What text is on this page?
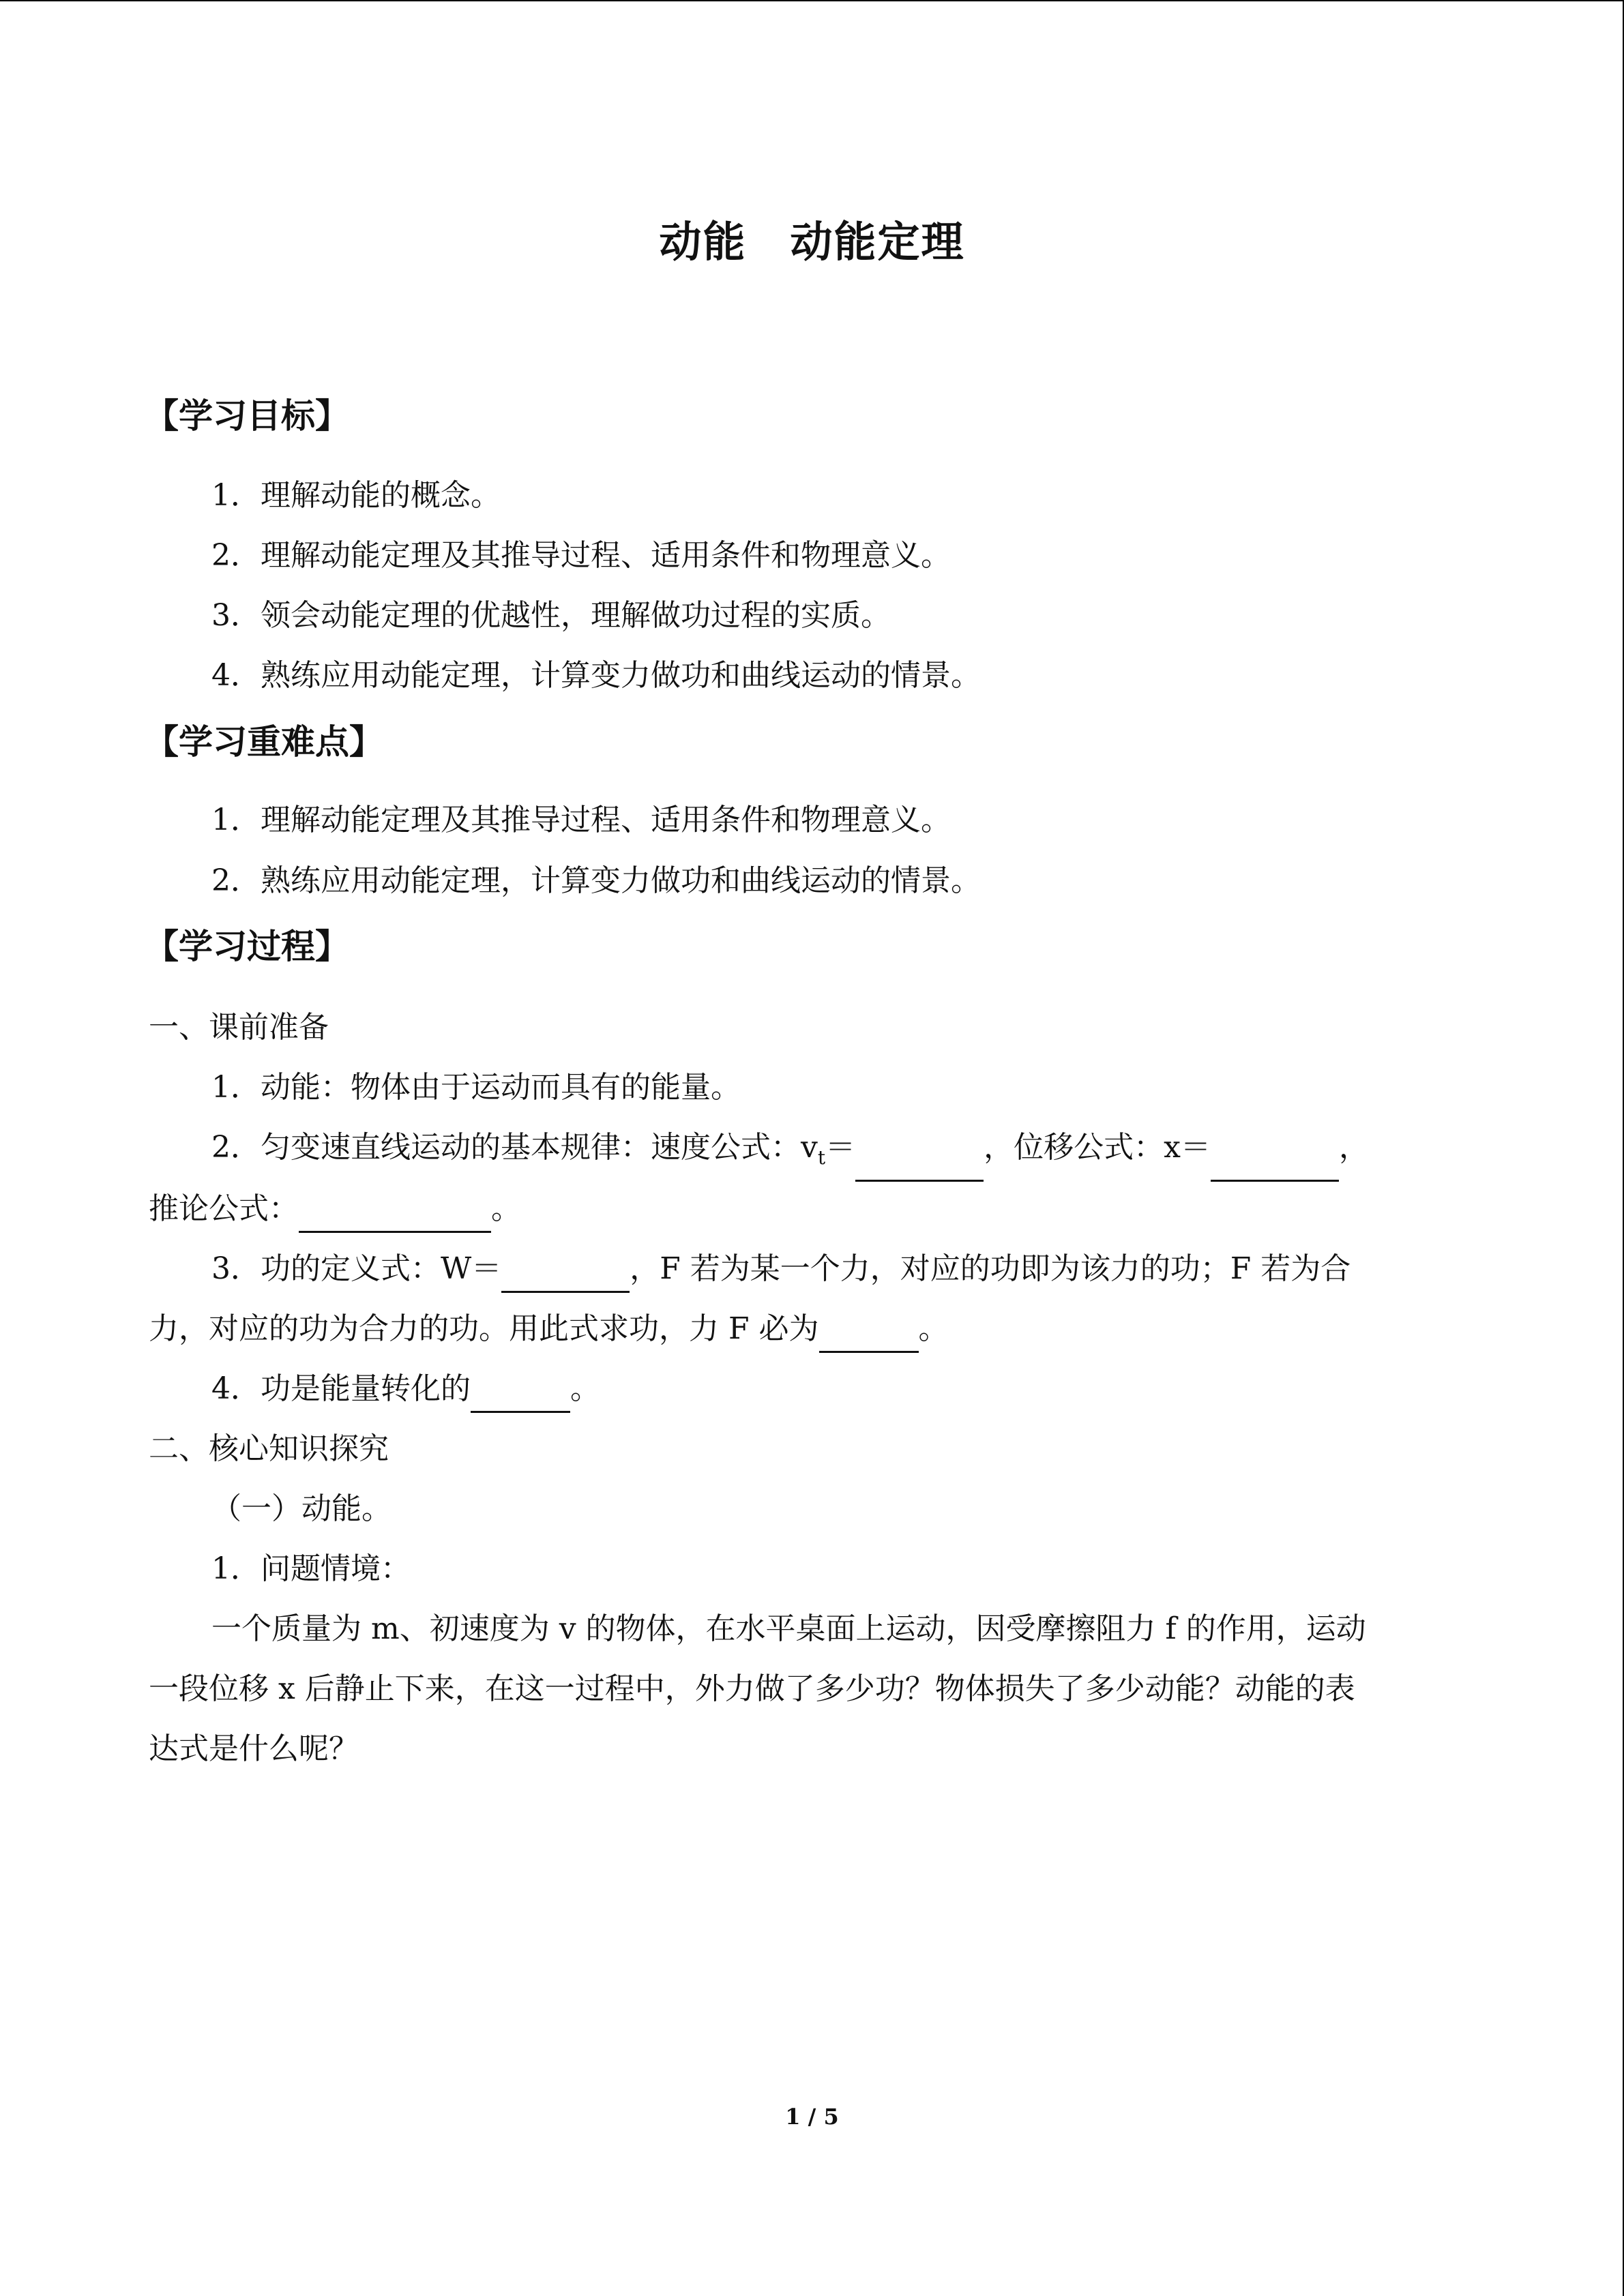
动能　动能定理
【学习目标】
1．理解动能的概念。
2．理解动能定理及其推导过程、适用条件和物理意义。
3．领会动能定理的优越性，理解做功过程的实质。
4．熟练应用动能定理，计算变力做功和曲线运动的情景。
【学习重难点】
1．理解动能定理及其推导过程、适用条件和物理意义。
2．熟练应用动能定理，计算变力做功和曲线运动的情景。
【学习过程】
一、课前准备
1．动能：物体由于运动而具有的能量。
2．匀变速直线运动的基本规律：速度公式：$v_t=$	，位移公式：x＝	，
推论公式：	。
3．功的定义式：W＝	，F 若为某一个力，对应的功即为该力的功；F 若为合
力，对应的功为合力的功。用此式求功，力 F 必为	。
4．功是能量转化的	。
二、核心知识探究
（一）动能。
1．问题情境：
一个质量为 m、初速度为 v 的物体，在水平桌面上运动，因受摩擦阻力 f 的作用，运动
一段位移 x 后静止下来，在这一过程中，外力做了多少功？物体损失了多少动能？动能的表
达式是什么呢？
1 / 5
